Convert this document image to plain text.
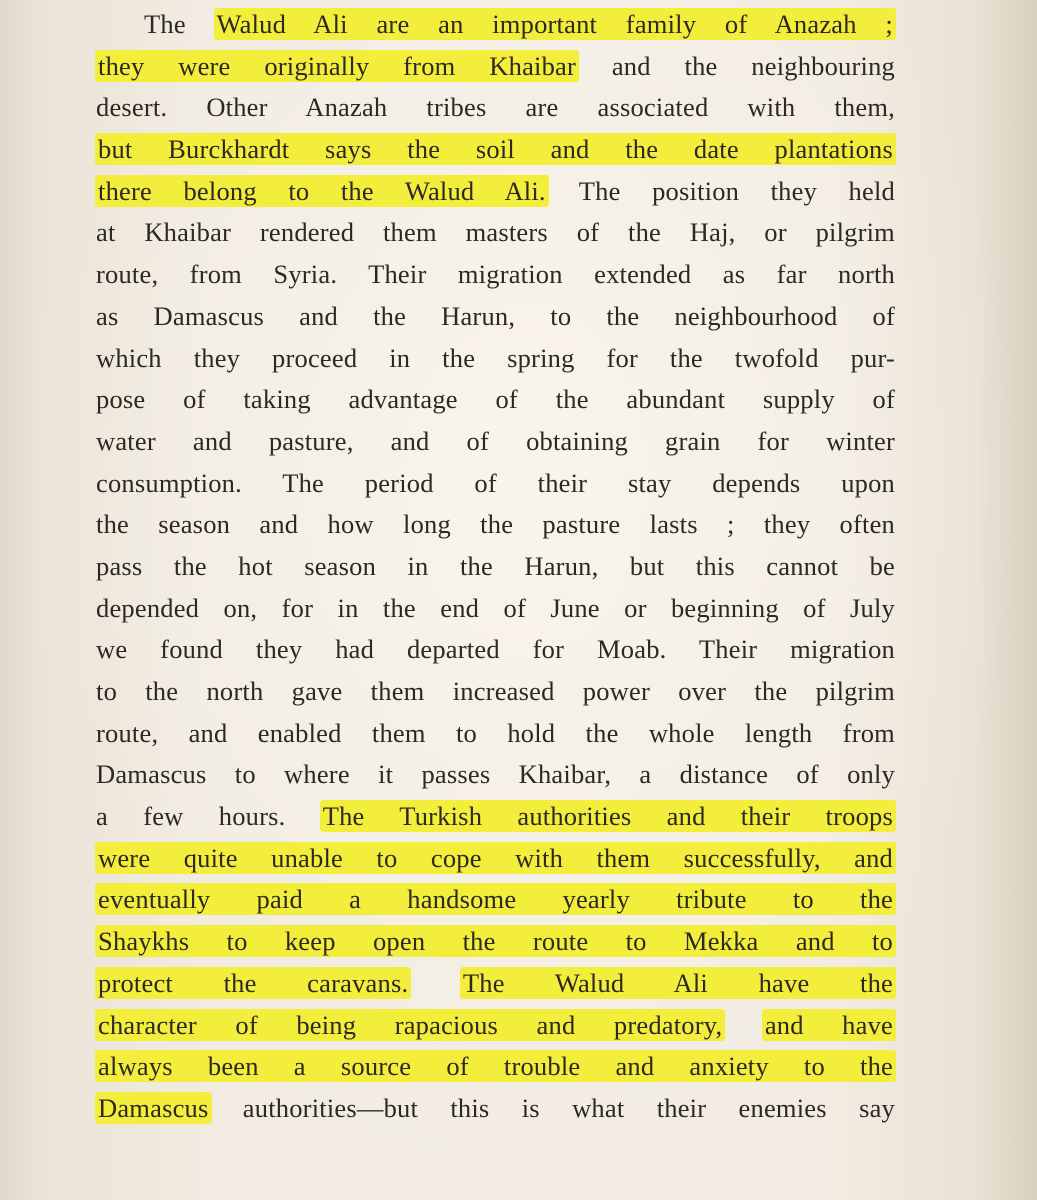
The Walud Ali are an important family of Anazah ;
they were originally from Khaibar and the neighbouring
desert. Other Anazah tribes are associated with them,
but Burckhardt says the soil and the date plantations
there belong to the Walud Ali. The position they held
at Khaibar rendered them masters of the Haj, or pilgrim
route, from Syria. Their migration extended as far north
as Damascus and the Harun, to the neighbourhood of
which they proceed in the spring for the twofold pur-
pose of taking advantage of the abundant supply of
water and pasture, and of obtaining grain for winter
consumption. The period of their stay depends upon
the season and how long the pasture lasts ; they often
pass the hot season in the Harun, but this cannot be
depended on, for in the end of June or beginning of July
we found they had departed for Moab. Their migration
to the north gave them increased power over the pilgrim
route, and enabled them to hold the whole length from
Damascus to where it passes Khaibar, a distance of only
a few hours. The Turkish authorities and their troops
were quite unable to cope with them successfully, and
eventually paid a handsome yearly tribute to the
Shaykhs to keep open the route to Mekka and to
protect the caravans. The Walud Ali have the
character of being rapacious and predatory, and have
always been a source of trouble and anxiety to the
Damascus authorities—but this is what their enemies say
